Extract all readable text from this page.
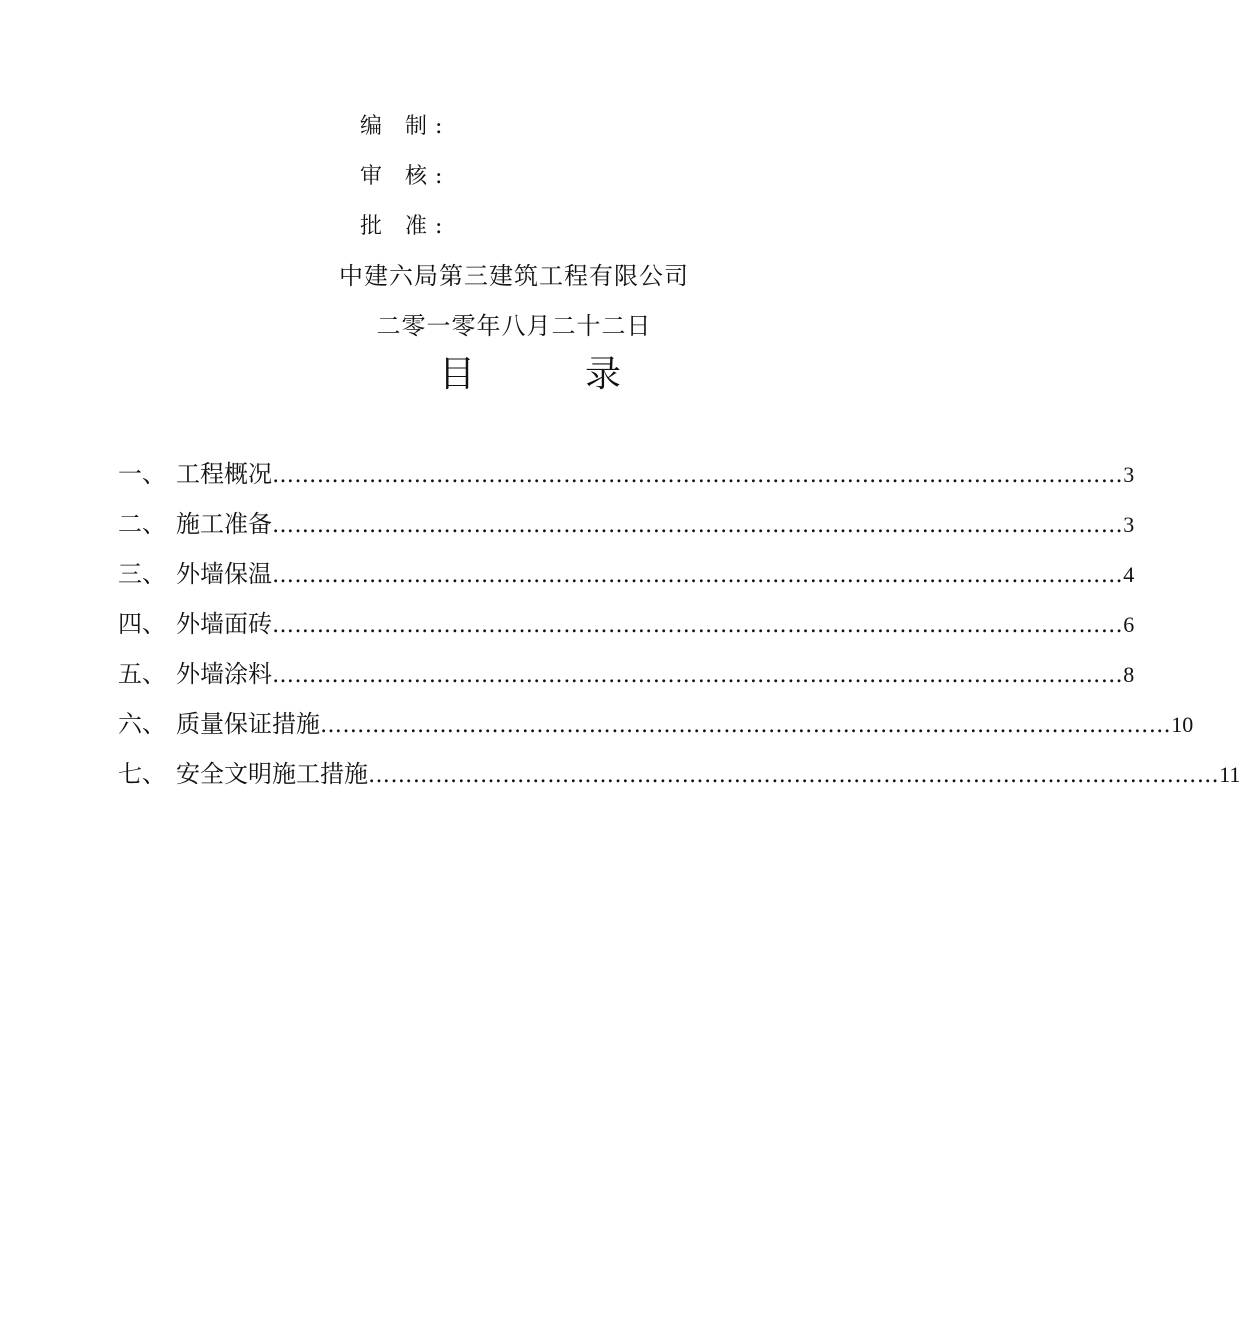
编 制:
审 核:
批 准:
中建六局第三建筑工程有限公司
二零一零年八月二十二日
目	录
一、 工程概况 …………………………………………………………………………………………………… 3
二、 施工准备 …………………………………………………………………………………………………… 3
三、 外墙保温 …………………………………………………………………………………………………… 4
四、 外墙面砖 …………………………………………………………………………………………………… 6
五、 外墙涂料 …………………………………………………………………………………………………… 8
六、 质量保证措施 …………………………………………………………………………………………………… 10
七、 安全文明施工措施 …………………………………………………………………………………………………… 11
